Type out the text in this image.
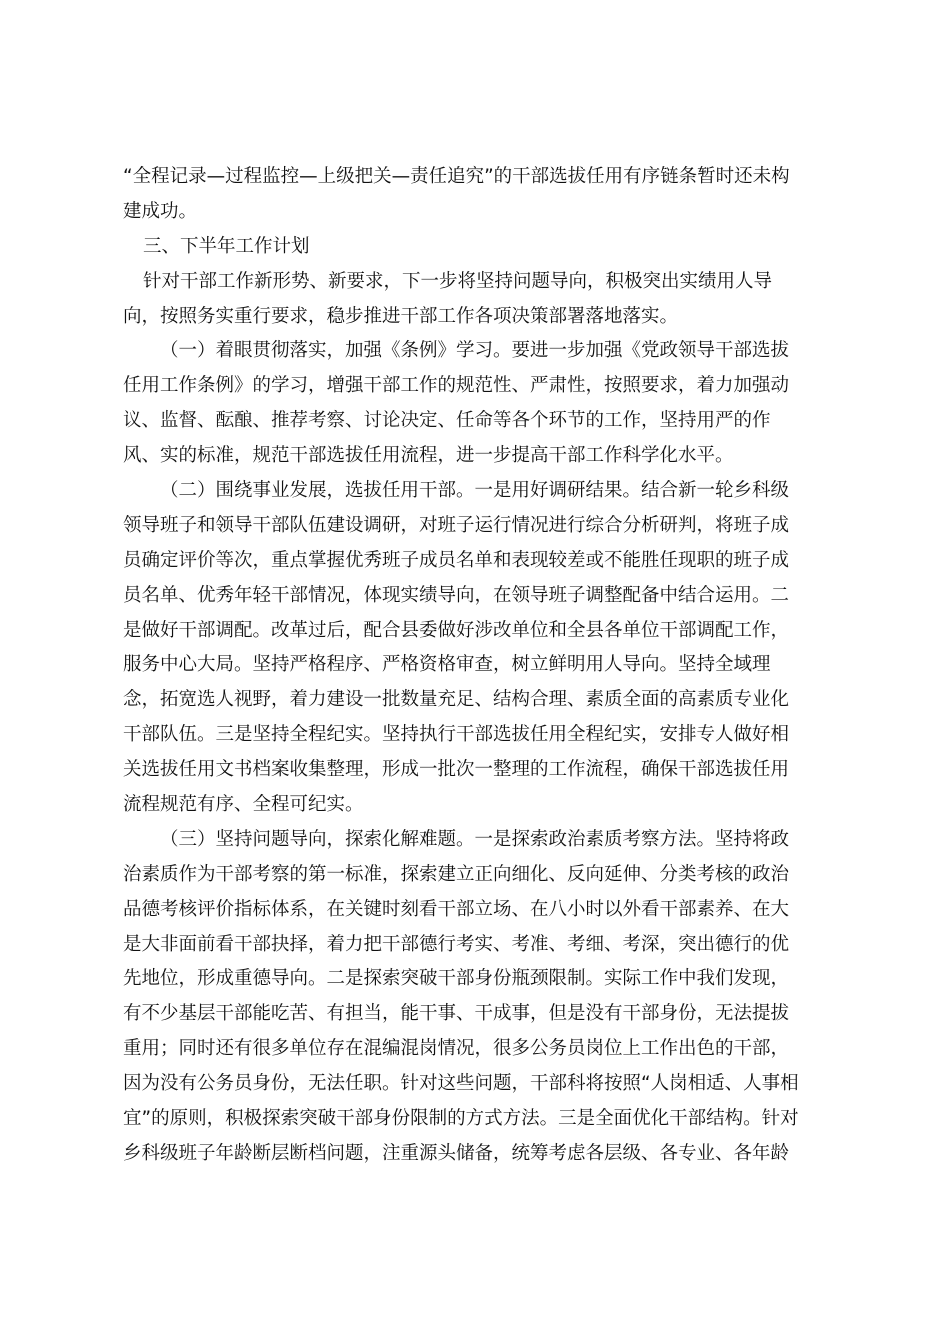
“全程记录—过程监控—上级把关—责任追究”的干部选拔任用有序链条暂时还未构
建成功。
三、下半年工作计划
针对干部工作新形势、新要求，下一步将坚持问题导向，积极突出实绩用人导
向，按照务实重行要求，稳步推进干部工作各项决策部署落地落实。
（一）着眼贯彻落实，加强《条例》学习。要进一步加强《党政领导干部选拔
任用工作条例》的学习，增强干部工作的规范性、严肃性，按照要求，着力加强动
议、监督、酝酿、推荐考察、讨论决定、任命等各个环节的工作，坚持用严的作
风、实的标准，规范干部选拔任用流程，进一步提高干部工作科学化水平。
（二）围绕事业发展，选拔任用干部。一是用好调研结果。结合新一轮乡科级
领导班子和领导干部队伍建设调研，对班子运行情况进行综合分析研判，将班子成
员确定评价等次，重点掌握优秀班子成员名单和表现较差或不能胜任现职的班子成
员名单、优秀年轻干部情况，体现实绩导向，在领导班子调整配备中结合运用。二
是做好干部调配。改革过后，配合县委做好涉改单位和全县各单位干部调配工作，
服务中心大局。坚持严格程序、严格资格审查，树立鲜明用人导向。坚持全域理
念，拓宽选人视野，着力建设一批数量充足、结构合理、素质全面的高素质专业化
干部队伍。三是坚持全程纪实。坚持执行干部选拔任用全程纪实，安排专人做好相
关选拔任用文书档案收集整理，形成一批次一整理的工作流程，确保干部选拔任用
流程规范有序、全程可纪实。
（三）坚持问题导向，探索化解难题。一是探索政治素质考察方法。坚持将政
治素质作为干部考察的第一标准，探索建立正向细化、反向延伸、分类考核的政治
品德考核评价指标体系，在关键时刻看干部立场、在八小时以外看干部素养、在大
是大非面前看干部抉择，着力把干部德行考实、考准、考细、考深，突出德行的优
先地位，形成重德导向。二是探索突破干部身份瓶颈限制。实际工作中我们发现，
有不少基层干部能吃苦、有担当，能干事、干成事，但是没有干部身份，无法提拔
重用；同时还有很多单位存在混编混岗情况，很多公务员岗位上工作出色的干部，
因为没有公务员身份，无法任职。针对这些问题，干部科将按照“人岗相适、人事相
宜”的原则，积极探索突破干部身份限制的方式方法。三是全面优化干部结构。针对
乡科级班子年龄断层断档问题，注重源头储备，统筹考虑各层级、各专业、各年龄
